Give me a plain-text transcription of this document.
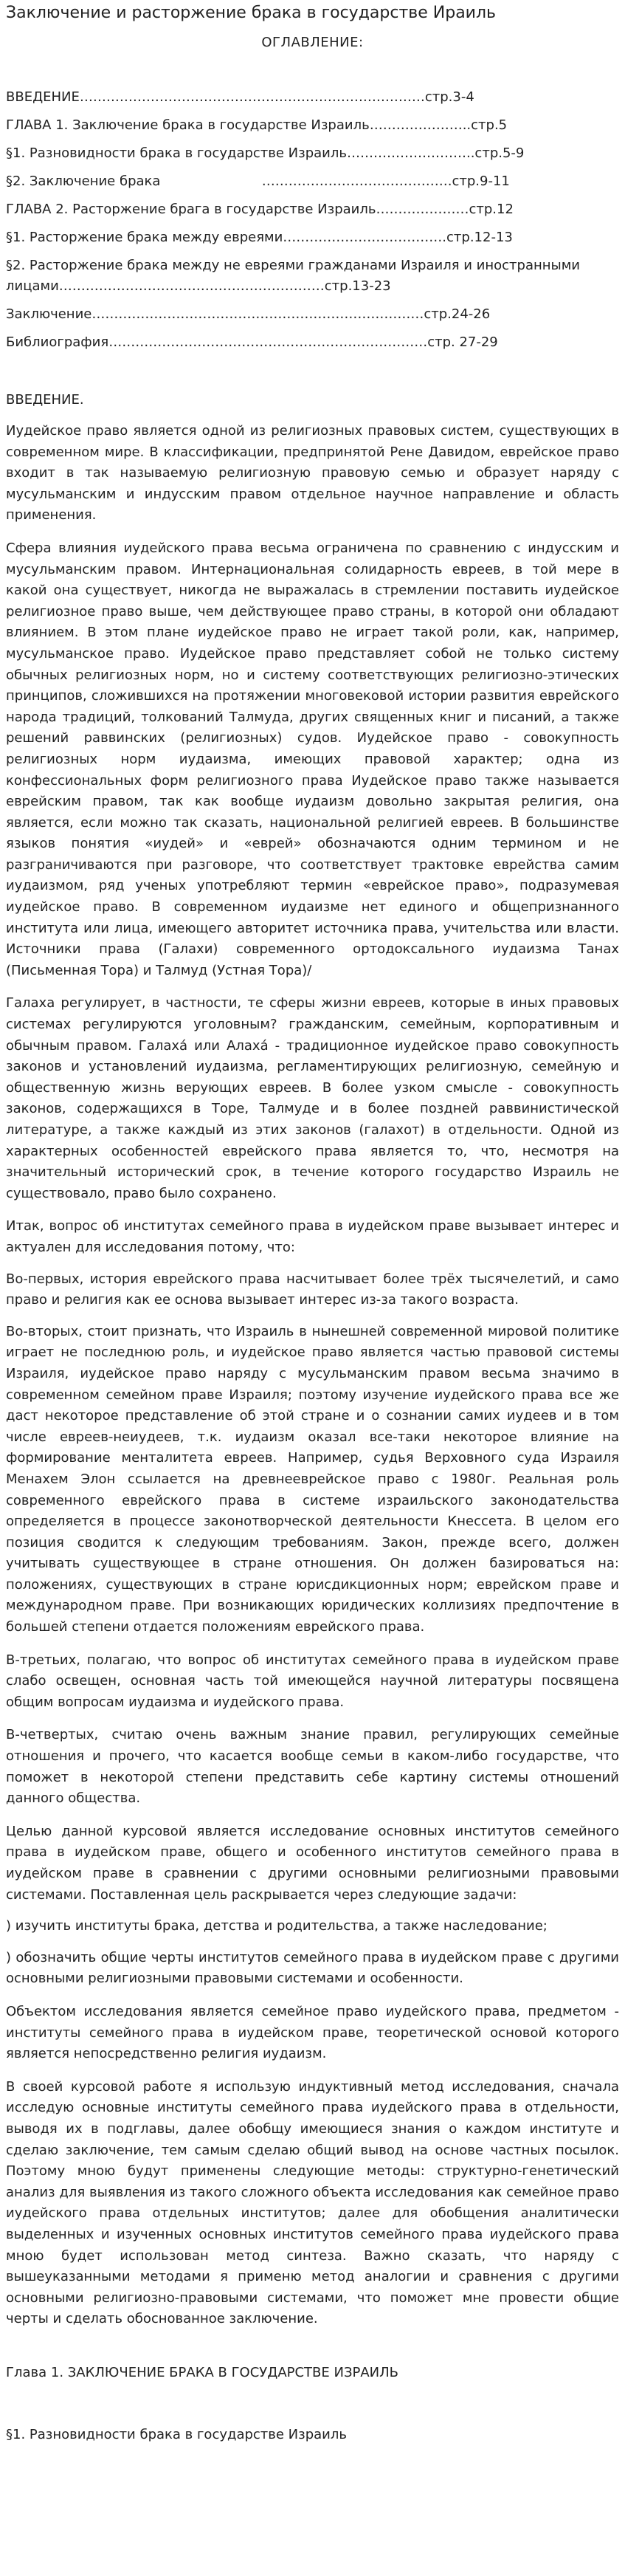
Заключение и расторжение брака в государстве Ираиль
ОГЛАВЛЕНИЕ:
ВВЕДЕНИЕ……………………………………………………………………стр.3-4
ГЛАВА 1. Заключение брака в государстве Израиль…………………..стр.5
§1. Разновидности брака в государстве Израиль………………………..стр.5-9
§2. Заключение брака                        …………………………………….стр.9-11
ГЛАВА 2. Расторжение брага в государстве Израиль…………………стр.12
§1. Расторжение брака между евреями……………………………….стр.12-13
§2. Расторжение брака между не евреями гражданами Израиля и иностранными лицами……………………………………………………стр.13-23
Заключение…………………………………………………………………стр.24-26
Библиография………………………………………………………………стр. 27-29
ВВЕДЕНИЕ.

Иудейское право является одной из религиозных правовых систем, существующих в современном мире. В классификации, предпринятой Рене Давидом, еврейское право входит в так называемую религиозную правовую семью и образует наряду с мусульманским и индусским правом отдельное научное направление и область применения.

Сфера влияния иудейского права весьма ограничена по сравнению с индусским и мусульманским правом. Интернациональная солидарность евреев, в той мере в какой она существует, никогда не выражалась в стремлении поставить иудейское религиозное право выше, чем действующее право страны, в которой они обладают влиянием. В этом плане иудейское право не играет такой роли, как, например, мусульманское право. Иудейское право представляет собой не только систему обычных религиозных норм, но и систему соответствующих религиозно-этических принципов, сложившихся на протяжении многовековой истории развития еврейского народа традиций, толкований Талмуда, других священных книг и писаний, а также решений раввинских (религиозных) судов. Иудейское право - совокупность религиозных норм иудаизма, имеющих правовой характер; одна из конфессиональных форм религиозного права Иудейское право также называется еврейским правом, так как вообще иудаизм довольно закрытая религия, она является, если можно так сказать, национальной религией евреев. В большинстве языков понятия «иудей» и «еврей» обозначаются одним термином и не разграничиваются при разговоре, что соответствует трактовке еврейства самим иудаизмом, ряд ученых употребляют термин «еврейское право», подразумевая иудейское право. В современном иудаизме нет единого и общепризнанного института или лица, имеющего авторитет источника права, учительства или власти. Источники права (Галахи) современного ортодоксального иудаизма Танах (Письменная Тора) и Талмуд (Устная Тора)/

Галаха регулирует, в частности, те сферы жизни евреев, которые в иных правовых системах регулируются уголовным? гражданским, семейным, корпоративным и обычным правом. Галаха́ или Алаха́ - традиционное иудейское право совокупность законов и установлений иудаизма, регламентирующих религиозную, семейную и общественную жизнь верующих евреев. В более узком смысле - совокупность законов, содержащихся в Торе, Талмуде и в более поздней раввинистической литературе, а также каждый из этих законов (галахот) в отдельности. Одной из характерных особенностей еврейского права является то, что, несмотря на значительный исторический срок, в течение которого государство Израиль не существовало, право было сохранено.

Итак, вопрос об институтах семейного права в иудейском праве вызывает интерес и актуален для исследования потому, что:

Во-первых, история еврейского права насчитывает более трёх тысячелетий, и само право и религия как ее основа вызывает интерес из-за такого возраста.

Во-вторых, стоит признать, что Израиль в нынешней современной мировой политике играет не последнюю роль, и иудейское право является частью правовой системы Израиля, иудейское право наряду с мусульманским правом весьма значимо в современном семейном праве Израиля; поэтому изучение иудейского права все же даст некоторое представление об этой стране и о сознании самих иудеев и в том числе евреев-неиудеев, т.к. иудаизм оказал все-таки некоторое влияние на формирование менталитета евреев. Например, судья Верховного суда Израиля Менахем Элон ссылается на древнееврейское право с 1980г. Реальная роль современного еврейского права в системе израильского законодательства определяется в процессе законотворческой деятельности Кнессета. В целом его позиция сводится к следующим требованиям. Закон, прежде всего, должен учитывать существующее в стране отношения. Он должен базироваться на: положениях, существующих в стране юрисдикционных норм; еврейском праве и международном праве. При возникающих юридических коллизиях предпочтение в большей степени отдается положениям еврейского права.

В-третьих, полагаю, что вопрос об институтах семейного права в иудейском праве слабо освещен, основная часть той имеющейся научной литературы посвящена общим вопросам иудаизма и иудейского права.

В-четвертых, считаю очень важным знание правил, регулирующих семейные отношения и прочего, что касается вообще семьи в каком-либо государстве, что поможет в некоторой степени представить себе картину системы отношений данного общества.

Целью данной курсовой является исследование основных институтов семейного права в иудейском праве, общего и особенного институтов семейного права в иудейском праве в сравнении с другими основными религиозными правовыми системами. Поставленная цель раскрывается через следующие задачи:

) изучить институты брака, детства и родительства, а также наследование;

) обозначить общие черты институтов семейного права в иудейском праве с другими основными религиозными правовыми системами и особенности.

Объектом исследования является семейное право иудейского права, предметом - институты семейного права в иудейском праве, теоретической основой которого является непосредственно религия иудаизм.

В своей курсовой работе я использую индуктивный метод исследования, сначала исследую основные институты семейного права иудейского права в отдельности, выводя их в подглавы, далее обобщу имеющиеся знания о каждом институте и сделаю заключение, тем самым сделаю общий вывод на основе частных посылок. Поэтому мною будут применены следующие методы: структурно-генетический анализ для выявления из такого сложного объекта исследования как семейное право иудейского права отдельных институтов; далее для обобщения аналитически выделенных и изученных основных институтов семейного права иудейского права мною будет использован метод синтеза. Важно сказать, что наряду с вышеуказанными методами я применю метод аналогии и сравнения с другими основными религиозно-правовыми системами, что поможет мне провести общие черты и сделать обоснованное заключение.

Глава 1. ЗАКЛЮЧЕНИЕ БРАКА В ГОСУДАРСТВЕ ИЗРАИЛЬ
§1. Разновидности брака в государстве Израиль
